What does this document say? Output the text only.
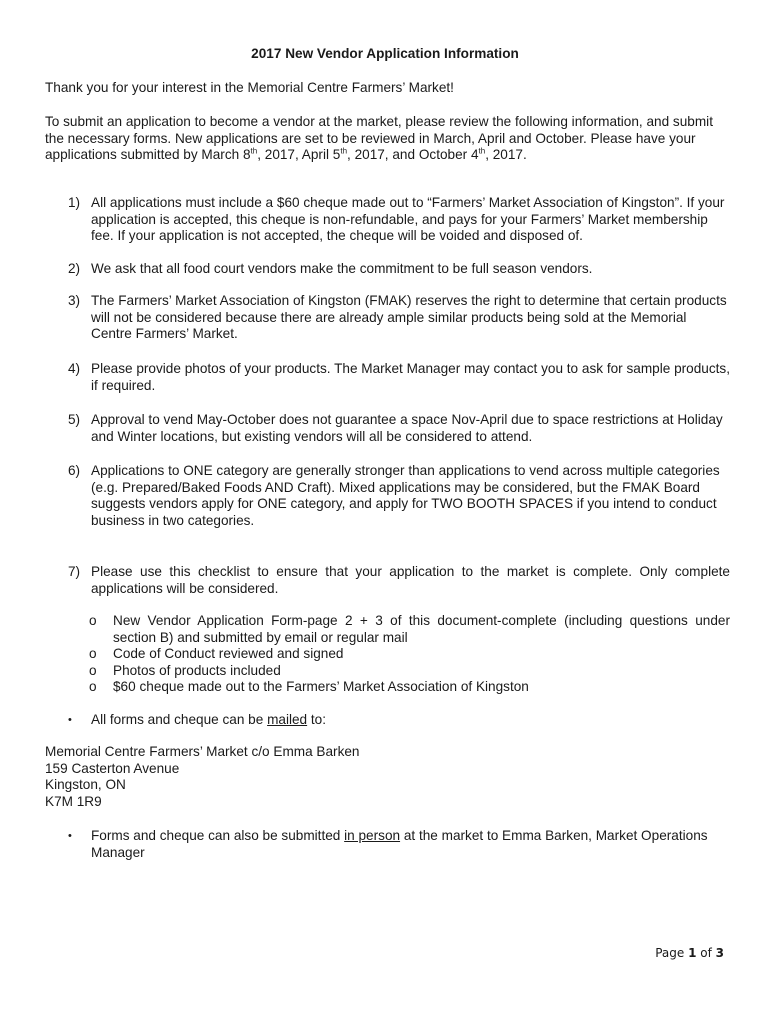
2017 New Vendor Application Information
Thank you for your interest in the Memorial Centre Farmers’ Market!
To submit an application to become a vendor at the market, please review the following information, and submit the necessary forms. New applications are set to be reviewed in March, April and October. Please have your applications submitted by March 8th, 2017, April 5th, 2017, and October 4th, 2017.
1) All applications must include a $60 cheque made out to “Farmers’ Market Association of Kingston”. If your application is accepted, this cheque is non-refundable, and pays for your Farmers’ Market membership fee. If your application is not accepted, the cheque will be voided and disposed of.
2) We ask that all food court vendors make the commitment to be full season vendors.
3) The Farmers’ Market Association of Kingston (FMAK) reserves the right to determine that certain products will not be considered because there are already ample similar products being sold at the Memorial Centre Farmers’ Market.
4) Please provide photos of your products. The Market Manager may contact you to ask for sample products, if required.
5) Approval to vend May-October does not guarantee a space Nov-April due to space restrictions at Holiday and Winter locations, but existing vendors will all be considered to attend.
6) Applications to ONE category are generally stronger than applications to vend across multiple categories (e.g. Prepared/Baked Foods AND Craft). Mixed applications may be considered, but the FMAK Board suggests vendors apply for ONE category, and apply for TWO BOOTH SPACES if you intend to conduct business in two categories.
7) Please use this checklist to ensure that your application to the market is complete. Only complete applications will be considered.
o New Vendor Application Form-page 2 + 3 of this document-complete (including questions under section B) and submitted by email or regular mail
o Code of Conduct reviewed and signed
o Photos of products included
o $60 cheque made out to the Farmers’ Market Association of Kingston
• All forms and cheque can be mailed to:
Memorial Centre Farmers’ Market c/o Emma Barken
159 Casterton Avenue
Kingston, ON
K7M 1R9
• Forms and cheque can also be submitted in person at the market to Emma Barken, Market Operations Manager
Page 1 of 3
